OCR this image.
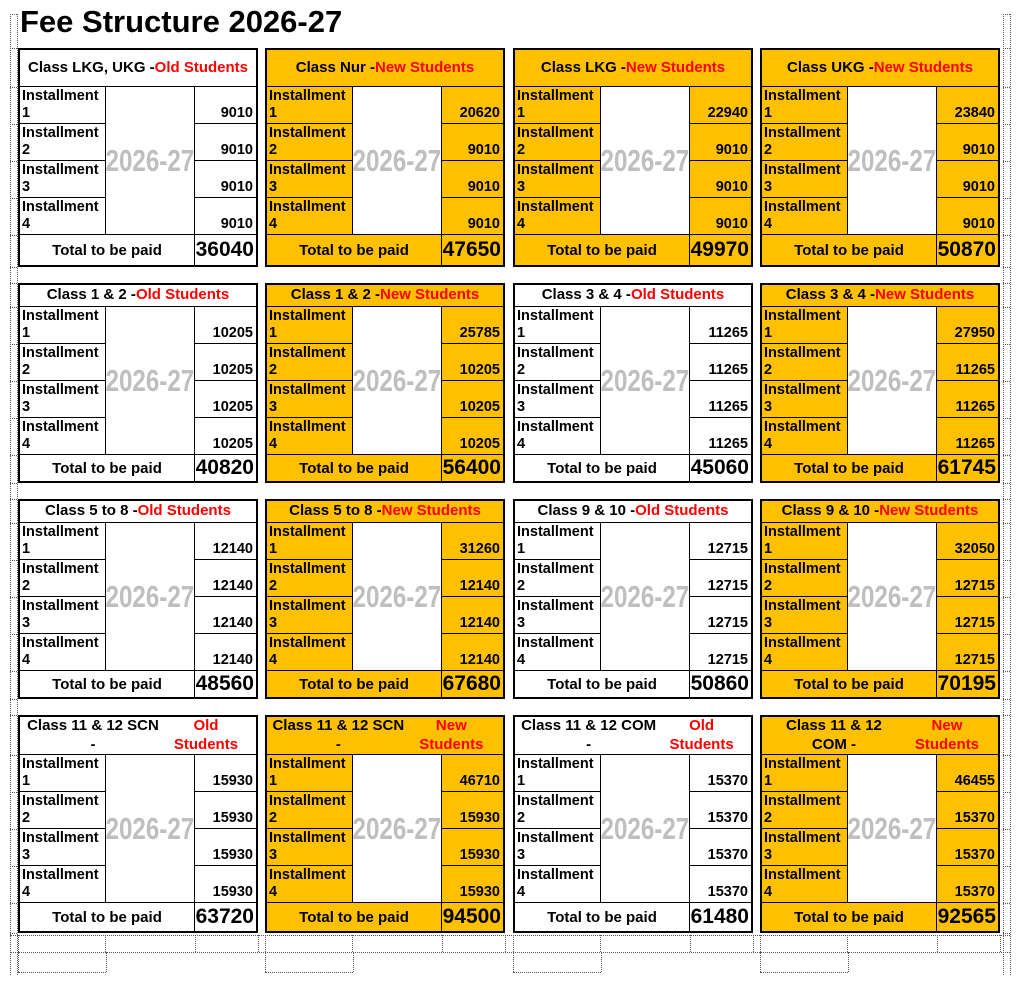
Fee Structure 2026-27
Class LKG, UKG - Old Students
Installment
1	9010
Installment
2	9010
Installment
3	9010
Installment
4	9010
2026-27
Total to be paid	36040
Class Nur - New Students
Installment
1	20620
Installment
2	9010
Installment
3	9010
Installment
4	9010
2026-27
Total to be paid	47650
Class LKG - New Students
Installment
1	22940
Installment
2	9010
Installment
3	9010
Installment
4	9010
2026-27
Total to be paid	49970
Class UKG - New Students
Installment
1	23840
Installment
2	9010
Installment
3	9010
Installment
4	9010
2026-27
Total to be paid	50870
Class 1 & 2 - Old Students
Installment
1	10205
Installment
2	10205
Installment
3	10205
Installment
4	10205
2026-27
Total to be paid	40820
Class 1 & 2 - New Students
Installment
1	25785
Installment
2	10205
Installment
3	10205
Installment
4	10205
2026-27
Total to be paid	56400
Class 3 & 4 - Old Students
Installment
1	11265
Installment
2	11265
Installment
3	11265
Installment
4	11265
2026-27
Total to be paid	45060
Class 3 & 4 - New Students
Installment
1	27950
Installment
2	11265
Installment
3	11265
Installment
4	11265
2026-27
Total to be paid	61745
Class 5 to 8 - Old Students
Installment
1	12140
Installment
2	12140
Installment
3	12140
Installment
4	12140
2026-27
Total to be paid	48560
Class 5 to 8 - New Students
Installment
1	31260
Installment
2	12140
Installment
3	12140
Installment
4	12140
2026-27
Total to be paid	67680
Class 9 & 10 - Old Students
Installment
1	12715
Installment
2	12715
Installment
3	12715
Installment
4	12715
2026-27
Total to be paid	50860
Class 9 & 10 - New Students
Installment
1	32050
Installment
2	12715
Installment
3	12715
Installment
4	12715
2026-27
Total to be paid	70195
Class 11 & 12 SCN -
Old Students
Installment
1	15930
Installment
2	15930
Installment
3	15930
Installment
4	15930
2026-27
Total to be paid	63720
Class 11 & 12 SCN -
New Students
Installment
1	46710
Installment
2	15930
Installment
3	15930
Installment
4	15930
2026-27
Total to be paid	94500
Class 11 & 12 COM -
Old Students
Installment
1	15370
Installment
2	15370
Installment
3	15370
Installment
4	15370
2026-27
Total to be paid	61480
Class 11 & 12 COM -
New Students
Installment
1	46455
Installment
2	15370
Installment
3	15370
Installment
4	15370
2026-27
Total to be paid	92565
